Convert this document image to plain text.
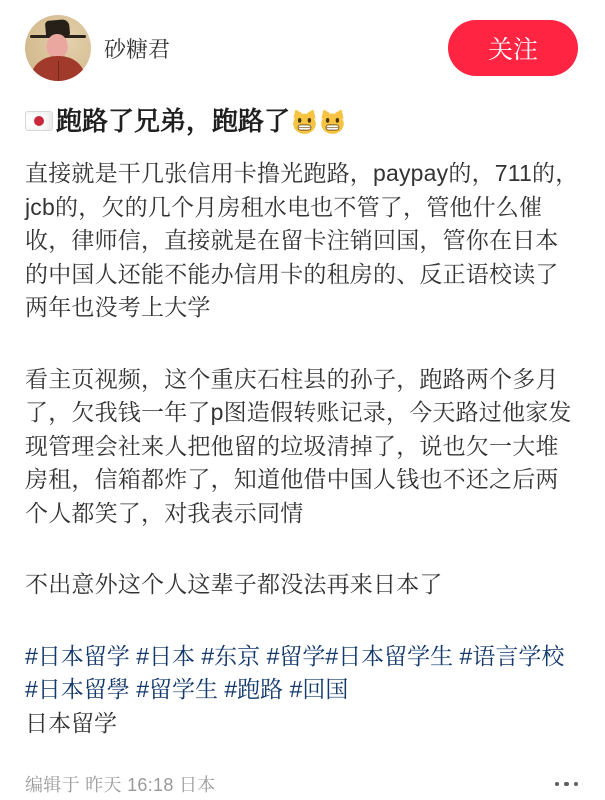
砂糖君	关注
跑路了兄弟，跑路了
直接就是干几张信用卡撸光跑路，paypay的，711的，jcb的，欠的几个月房租水电也不管了，管他什么催收，律师信，直接就是在留卡注销回国，管你在日本的中国人还能不能办信用卡的租房的、反正语校读了两年也没考上大学
看主页视频，这个重庆石柱县的孙子，跑路两个多月了，欠我钱一年了p图造假转账记录，今天路过他家发现管理会社来人把他留的垃圾清掉了，说也欠一大堆房租，信箱都炸了，知道他借中国人钱也不还之后两个人都笑了，对我表示同情
不出意外这个人这辈子都没法再来日本了
#日本留学 #日本 #东京 #留学#日本留学生 #语言学校 #日本留學 #留学生 #跑路 #回国
日本留学
编辑于 昨天 16:18 日本
